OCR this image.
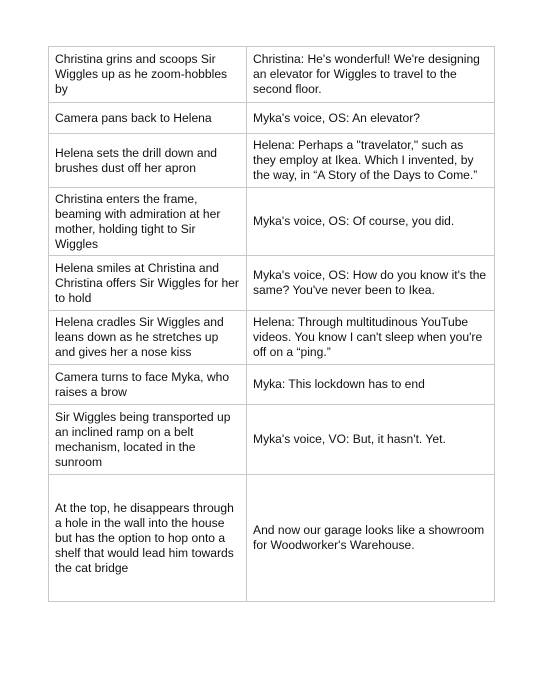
Christina grins and scoops Sir Wiggles up as he zoom-hobbles by	Christina: He's wonderful! We're designing an elevator for Wiggles to travel to the second floor.
Camera pans back to Helena	Myka's voice, OS: An elevator?
Helena sets the drill down and brushes dust off her apron	Helena: Perhaps a "travelator," such as they employ at Ikea. Which I invented, by the way, in “A Story of the Days to Come.”
Christina enters the frame, beaming with admiration at her mother, holding tight to Sir Wiggles	Myka's voice, OS: Of course, you did.
Helena smiles at Christina and Christina offers Sir Wiggles for her to hold	Myka's voice, OS: How do you know it's the same? You've never been to Ikea.
Helena cradles Sir Wiggles and leans down as he stretches up and gives her a nose kiss	Helena: Through multitudinous YouTube videos. You know I can't sleep when you're off on a “ping.”
Camera turns to face Myka, who raises a brow	Myka: This lockdown has to end
Sir Wiggles being transported up an inclined ramp on a belt mechanism, located in the sunroom	Myka's voice, VO: But, it hasn't. Yet.
At the top, he disappears through a hole in the wall into the house but has the option to hop onto a shelf that would lead him towards the cat bridge	And now our garage looks like a showroom for Woodworker's Warehouse.
